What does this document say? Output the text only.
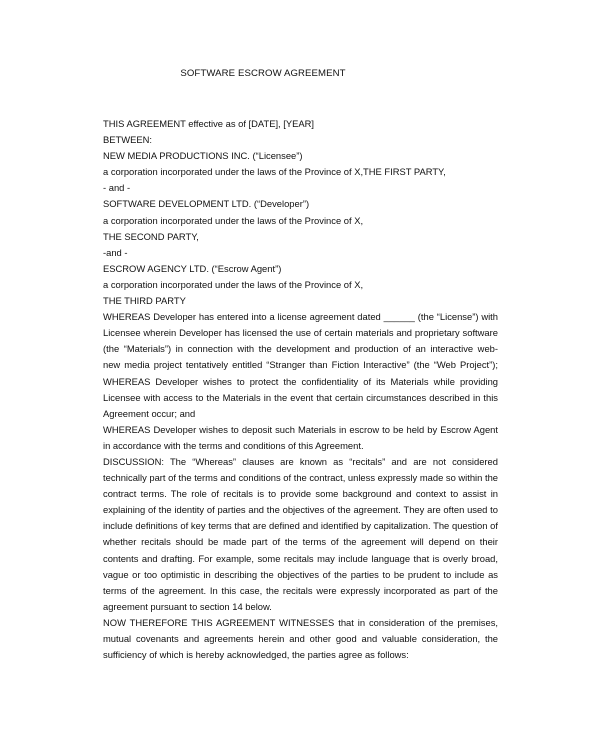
SOFTWARE ESCROW AGREEMENT
THIS AGREEMENT effective as of [DATE], [YEAR]
BETWEEN:
NEW MEDIA PRODUCTIONS INC. (“Licensee”)
a corporation incorporated under the laws of the Province of X,THE FIRST PARTY,
- and -
SOFTWARE DEVELOPMENT LTD. (“Developer”)
a corporation incorporated under the laws of the Province of X,
THE SECOND PARTY,
-and -
ESCROW AGENCY LTD. (“Escrow Agent”)
a corporation incorporated under the laws of the Province of X,
THE THIRD PARTY
WHEREAS Developer has entered into a license agreement dated ______ (the “License”) with
Licensee wherein Developer has licensed the use of certain materials and proprietary software
(the “Materials”) in connection with the development and production of an interactive web-
new media project tentatively entitled “Stranger than Fiction Interactive” (the “Web Project”);
WHEREAS Developer wishes to protect the confidentiality of its Materials while providing
Licensee with access to the Materials in the event that certain circumstances described in this
Agreement occur; and
WHEREAS Developer wishes to deposit such Materials in escrow to be held by Escrow Agent
in accordance with the terms and conditions of this Agreement.
DISCUSSION: The “Whereas” clauses are known as “recitals” and are not considered
technically part of the terms and conditions of the contract, unless expressly made so within the
contract terms. The role of recitals is to provide some background and context to assist in
explaining of the identity of parties and the objectives of the agreement. They are often used to
include definitions of key terms that are defined and identified by capitalization. The question of
whether recitals should be made part of the terms of the agreement will depend on their
contents and drafting. For example, some recitals may include language that is overly broad,
vague or too optimistic in describing the objectives of the parties to be prudent to include as
terms of the agreement. In this case, the recitals were expressly incorporated as part of the
agreement pursuant to section 14 below.
NOW THEREFORE THIS AGREEMENT WITNESSES that in consideration of the premises,
mutual covenants and agreements herein and other good and valuable consideration, the
sufficiency of which is hereby acknowledged, the parties agree as follows:
